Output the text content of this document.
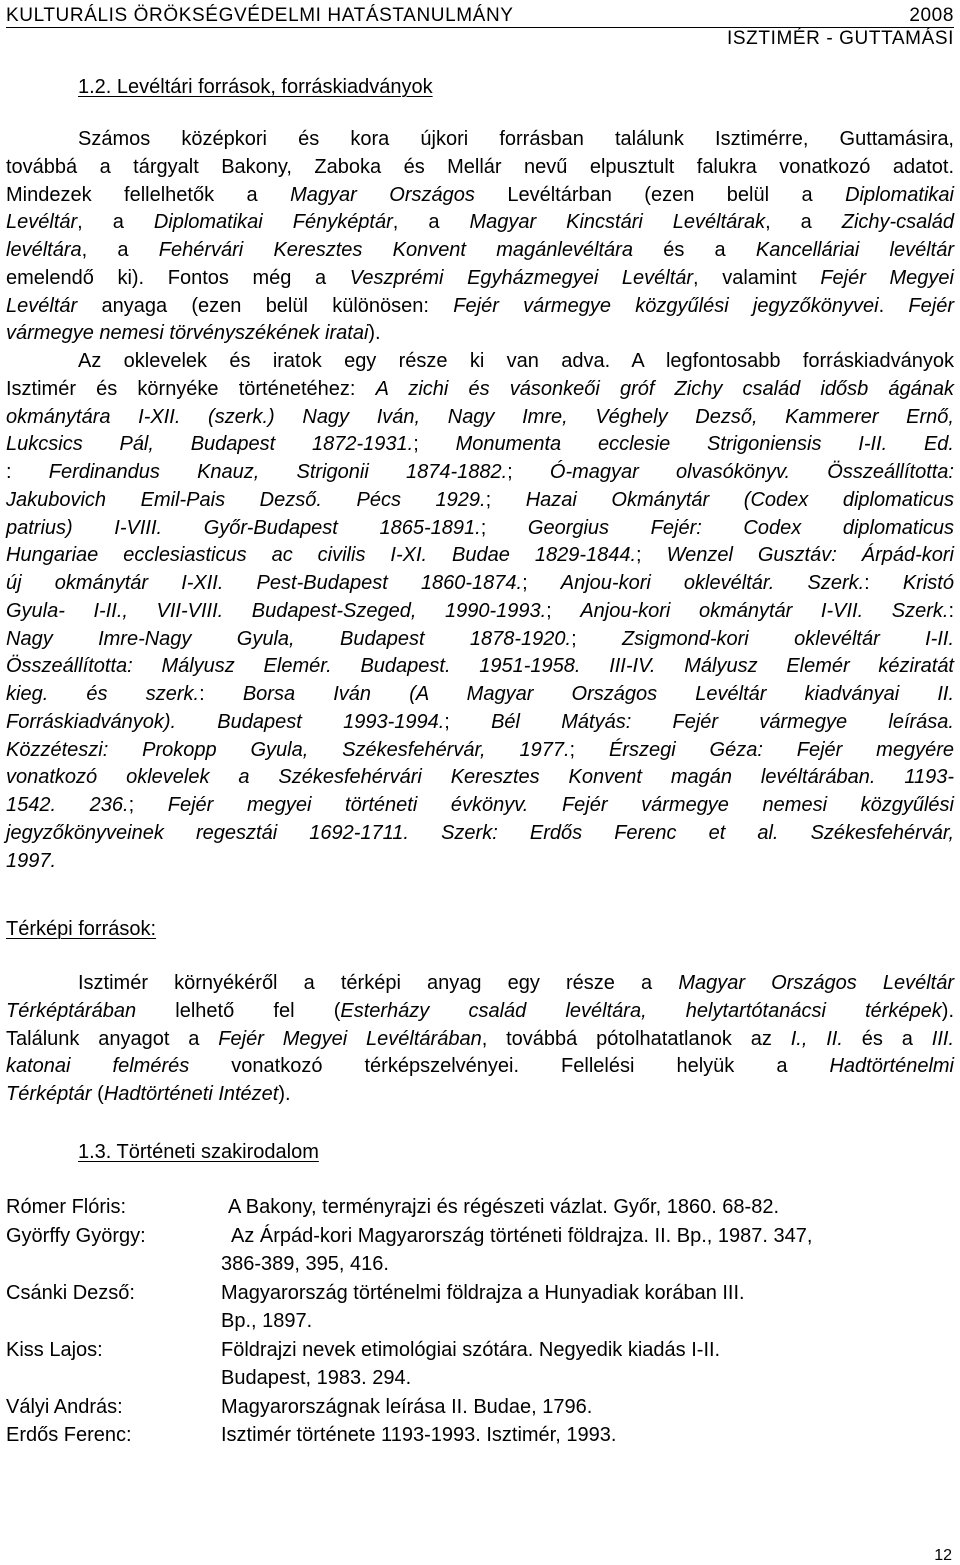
KULTURÁLIS ÖRÖKSÉGVÉDELMI HATÁSTANULMÁNY	2008
ISZTIMÉR - GUTTAMÁSI
1.2. Levéltári források, forráskiadványok
Számos középkori és kora újkori forrásban találunk Isztimérre, Guttamásira,
továbbá a tárgyalt Bakony, Zaboka és Mellár nevű elpusztult falukra vonatkozó adatot.
Mindezek fellelhetők a Magyar Országos Levéltárban (ezen belül a Diplomatikai
Levéltár, a Diplomatikai Fényképtár, a Magyar Kincstári Levéltárak, a Zichy-család
levéltára, a Fehérvári Keresztes Konvent magánlevéltára és a Kancelláriai levéltár
emelendő ki). Fontos még a Veszprémi Egyházmegyei Levéltár, valamint Fejér Megyei
Levéltár anyaga (ezen belül különösen: Fejér vármegye közgyűlési jegyzőkönyvei. Fejér
vármegye nemesi törvényszékének iratai).
Az oklevelek és iratok egy része ki van adva. A legfontosabb forráskiadványok
Isztimér és környéke történetéhez: A zichi és vásonkeői gróf Zichy család idősb ágának
okmánytára I-XII. (szerk.) Nagy Iván, Nagy Imre, Véghely Dezső, Kammerer Ernő,
Lukcsics Pál, Budapest 1872-1931.; Monumenta ecclesie Strigoniensis I-II. Ed.
: Ferdinandus Knauz, Strigonii 1874-1882.; Ó-magyar olvasókönyv. Összeállította:
Jakubovich Emil-Pais Dezső. Pécs 1929.; Hazai Okmánytár (Codex diplomaticus
patrius) I-VIII. Győr-Budapest 1865-1891.; Georgius Fejér: Codex diplomaticus
Hungariae ecclesiasticus ac civilis I-XI. Budae 1829-1844.; Wenzel Gusztáv: Árpád-kori
új okmánytár I-XII. Pest-Budapest 1860-1874.; Anjou-kori oklevéltár. Szerk.: Kristó
Gyula- I-II., VII-VIII. Budapest-Szeged, 1990-1993.; Anjou-kori okmánytár I-VII. Szerk.:
Nagy Imre-Nagy Gyula, Budapest 1878-1920.; Zsigmond-kori oklevéltár I-II.
Összeállította: Mályusz Elemér. Budapest. 1951-1958. III-IV. Mályusz Elemér kéziratát
kieg. és szerk.: Borsa Iván (A Magyar Országos Levéltár kiadványai II.
Forráskiadványok). Budapest 1993-1994.; Bél Mátyás: Fejér vármegye leírása.
Közzéteszi: Prokopp Gyula, Székesfehérvár, 1977.; Érszegi Géza: Fejér megyére
vonatkozó oklevelek a Székesfehérvári Keresztes Konvent magán levéltárában. 1193-
1542. 236.; Fejér megyei történeti évkönyv. Fejér vármegye nemesi közgyűlési
jegyzőkönyveinek regesztái 1692-1711. Szerk: Erdős Ferenc et al. Székesfehérvár,
1997.
Térképi források:
Isztimér környékéről a térképi anyag egy része a Magyar Országos Levéltár
Térképtárában lelhető fel (Esterházy család levéltára, helytartótanácsi térképek).
Találunk anyagot a Fejér Megyei Levéltárában, továbbá pótolhatatlanok az I., II. és a III.
katonai felmérés vonatkozó térképszelvényei. Fellelési helyük a Hadtörténelmi
Térképtár (Hadtörténeti Intézet).
1.3. Történeti szakirodalom
Rómer Flóris:	A Bakony, terményrajzi és régészeti vázlat. Győr, 1860. 68-82.
Györffy György:	Az Árpád-kori Magyarország történeti földrajza. II. Bp., 1987. 347,
386-389, 395, 416.
Csánki Dezső:	Magyarország történelmi földrajza a Hunyadiak korában III.
Bp., 1897.
Kiss Lajos:	Földrajzi nevek etimológiai szótára. Negyedik kiadás I-II.
Budapest, 1983. 294.
Vályi András:	Magyarországnak leírása II. Budae, 1796.
Erdős Ferenc:	Isztimér története 1193-1993. Isztimér, 1993.
12
